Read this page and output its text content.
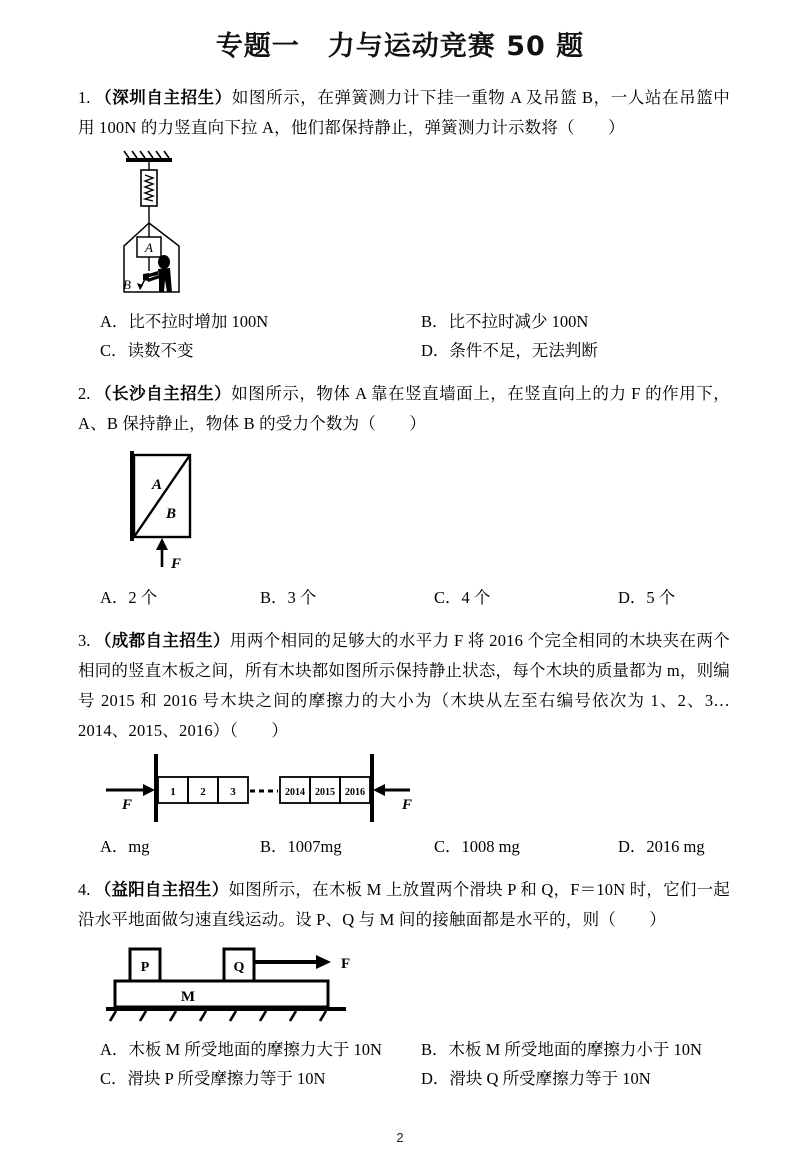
专题一　力与运动竞赛 50 题

1. （深圳自主招生）如图所示，在弹簧测力计下挂一重物 A 及吊篮 B，一人站在吊篮中用 100N 的力竖直向下拉 A，他们都保持静止，弹簧测力计示数将（　　）

A
B
A．比不拉时增加 100N	B．比不拉时减少 100N
C．读数不变	D．条件不足，无法判断

2. （长沙自主招生）如图所示，物体 A 靠在竖直墙面上，在竖直向上的力 F 的作用下，A、B 保持静止，物体 B 的受力个数为（　　）

A
B
F
A．2 个	B．3 个	C．4 个	D．5 个

3. （成都自主招生）用两个相同的足够大的水平力 F 将 2016 个完全相同的木块夹在两个相同的竖直木板之间，所有木块都如图所示保持静止状态，每个木块的质量都为 m，则编号 2015 和 2016 号木块之间的摩擦力的大小为（木块从左至右编号依次为 1、2、3…2014、2015、2016）（　　）

F	F
1 2 3	2014 2015 2016
A．mg	B．1007mg	C．1008 mg	D．2016 mg

4. （益阳自主招生）如图所示，在木板 M 上放置两个滑块 P 和 Q，F＝10N 时，它们一起沿水平地面做匀速直线运动。设 P、Q 与 M 间的接触面都是水平的，则（　　）

P	Q	F
M
A．木板 M 所受地面的摩擦力大于 10N	B．木板 M 所受地面的摩擦力小于 10N
C．滑块 P 所受摩擦力等于 10N	D．滑块 Q 所受摩擦力等于 10N
2
